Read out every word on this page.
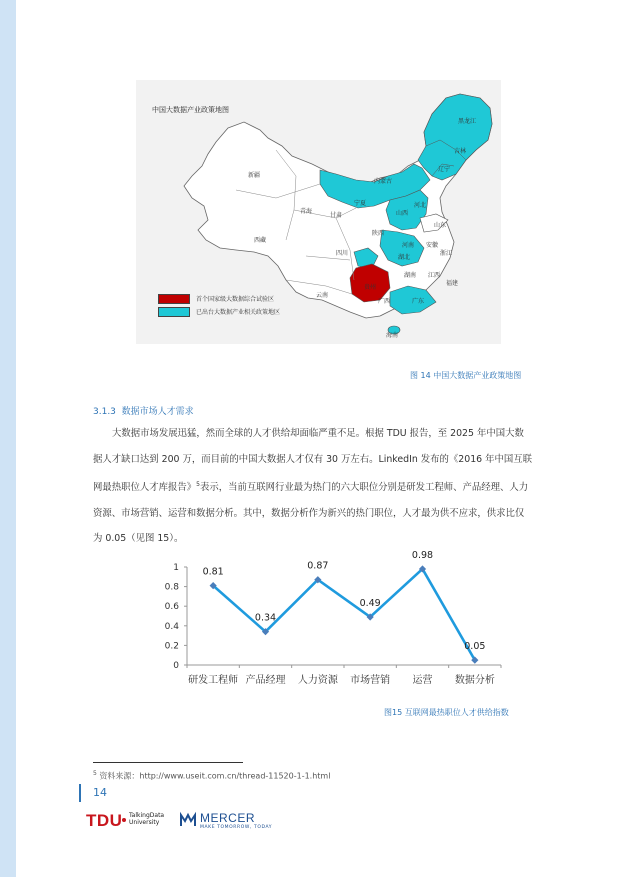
中国大数据产业政策地图
新疆
西藏
青海
甘肃
黑龙江
吉林
辽宁
内蒙古
宁夏
山西
河北
山东
河南
陕西
四川
湖北
安徽
浙江
湖南 江西
福建
贵州
云南
广西	广东
海南
首个国家级大数据综合试验区
已出台大数据产业相关政策地区
图 14 中国大数据产业政策地图
3.1.3 数据市场人才需求

大数据市场发展迅猛，然而全球的人才供给却面临严重不足。根据 TDU 报告，至 2025 年中国大数据人才缺口达到 200 万，而目前的中国大数据人才仅有 30 万左右。LinkedIn 发布的《2016 年中国互联网最热职位人才库报告》$^5$表示，当前互联网行业最为热门的六大职位分别是研发工程师、产品经理、人力资源、市场营销、运营和数据分析。其中，数据分析作为新兴的热门职位，人才最为供不应求，供求比仅为 0.05（见图 15）。

0
0.2
0.4
0.6
0.8
1
研发工程师 产品经理 人力资源 市场营销 运营 数据分析
0.81
0.34
0.87
0.49
0.98
0.05
图15 互联网最热职位人才供给指数
$^5$ 资料来源：http://www.useit.com.cn/thread-11520-1-1.html
14
TDU TalkingData
University	MERCER
MAKE TOMORROW, TODAY
